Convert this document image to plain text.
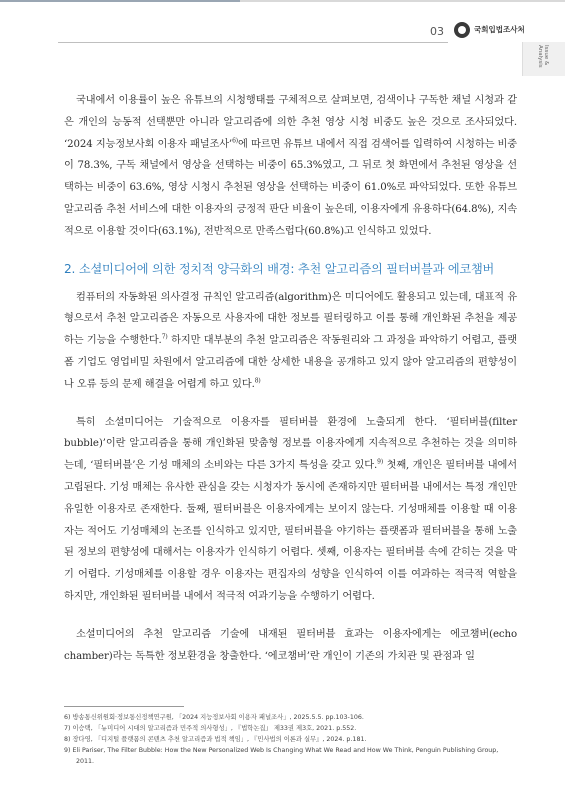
03	국회입법조사처
Issue & Analysis

국내에서 이용률이 높은 유튜브의 시청행태를 구체적으로 살펴보면, 검색이나 구독한 채널 시청과 같은 개인의 능동적 선택뿐만 아니라 알고리즘에 의한 추천 영상 시청 비중도 높은 것으로 조사되었다. ‘2024 지능정보사회 이용자 패널조사’$^{6)}$에 따르면 유튜브 내에서 직접 검색어를 입력하여 시청하는 비중이 78.3%, 구독 채널에서 영상을 선택하는 비중이 65.3%였고, 그 뒤로 첫 화면에서 추천된 영상을 선택하는 비중이 63.6%, 영상 시청시 추천된 영상을 선택하는 비중이 61.0%로 파악되었다. 또한 유튜브 알고리즘 추천 서비스에 대한 이용자의 긍정적 판단 비율이 높은데, 이용자에게 유용하다(64.8%), 지속적으로 이용할 것이다(63.1%), 전반적으로 만족스럽다(60.8%)고 인식하고 있었다.

2. 소셜미디어에 의한 정치적 양극화의 배경: 추천 알고리즘의 필터버블과 에코챔버

컴퓨터의 자동화된 의사결정 규칙인 알고리즘(algorithm)은 미디어에도 활용되고 있는데, 대표적 유형으로서 추천 알고리즘은 자동으로 사용자에 대한 정보를 필터링하고 이를 통해 개인화된 추천을 제공하는 기능을 수행한다.$^{7)}$ 하지만 대부분의 추천 알고리즘은 작동원리와 그 과정을 파악하기 어렵고, 플랫폼 기업도 영업비밀 차원에서 알고리즘에 대한 상세한 내용을 공개하고 있지 않아 알고리즘의 편향성이나 오류 등의 문제 해결을 어렵게 하고 있다.$^{8)}$

특히 소셜미디어는 기술적으로 이용자를 필터버블 환경에 노출되게 한다. ‘필터버블(filter bubble)’이란 알고리즘을 통해 개인화된 맞춤형 정보를 이용자에게 지속적으로 추천하는 것을 의미하는데, ‘필터버블’은 기성 매체의 소비와는 다른 3가지 특성을 갖고 있다.$^{9)}$ 첫째, 개인은 필터버블 내에서 고립된다. 기성 매체는 유사한 관심을 갖는 시청자가 동시에 존재하지만 필터버블 내에서는 특정 개인만 유일한 이용자로 존재한다. 둘째, 필터버블은 이용자에게는 보이지 않는다. 기성매체를 이용할 때 이용자는 적어도 기성매체의 논조를 인식하고 있지만, 필터버블을 야기하는 플랫폼과 필터버블을 통해 노출된 정보의 편향성에 대해서는 이용자가 인식하기 어렵다. 셋째, 이용자는 필터버블 속에 갇히는 것을 막기 어렵다. 기성매체를 이용할 경우 이용자는 편집자의 성향을 인식하여 이를 여과하는 적극적 역할을 하지만, 개인화된 필터버블 내에서 적극적 여과기능을 수행하기 어렵다.

소셜미디어의 추천 알고리즘 기술에 내재된 필터버블 효과는 이용자에게는 에코챔버(echo chamber)라는 독특한 정보환경을 창출한다. ‘에코챔버’란 개인이 기존의 가치관 및 관점과 일

6) 방송통신위원회·정보통신정책연구원, 「2024 지능정보사회 이용자 패널조사」, 2025.5.5. pp.103-106.
7) 이승택, 「뉴미디어 시대의 알고리즘과 민주적 의사형성」, 『법학논집』 제33권 제3호, 2021. p.552.
8) 장다영, 「디지털 플랫폼의 콘텐츠 추천 알고리즘과 법적 책임」, 『민사법의 이론과 실무』, 2024. p.181.
9) Eli Pariser, The Filter Bubble: How the New Personalized Web Is Changing What We Read and How We Think, Penguin Publishing Group, 2011.
